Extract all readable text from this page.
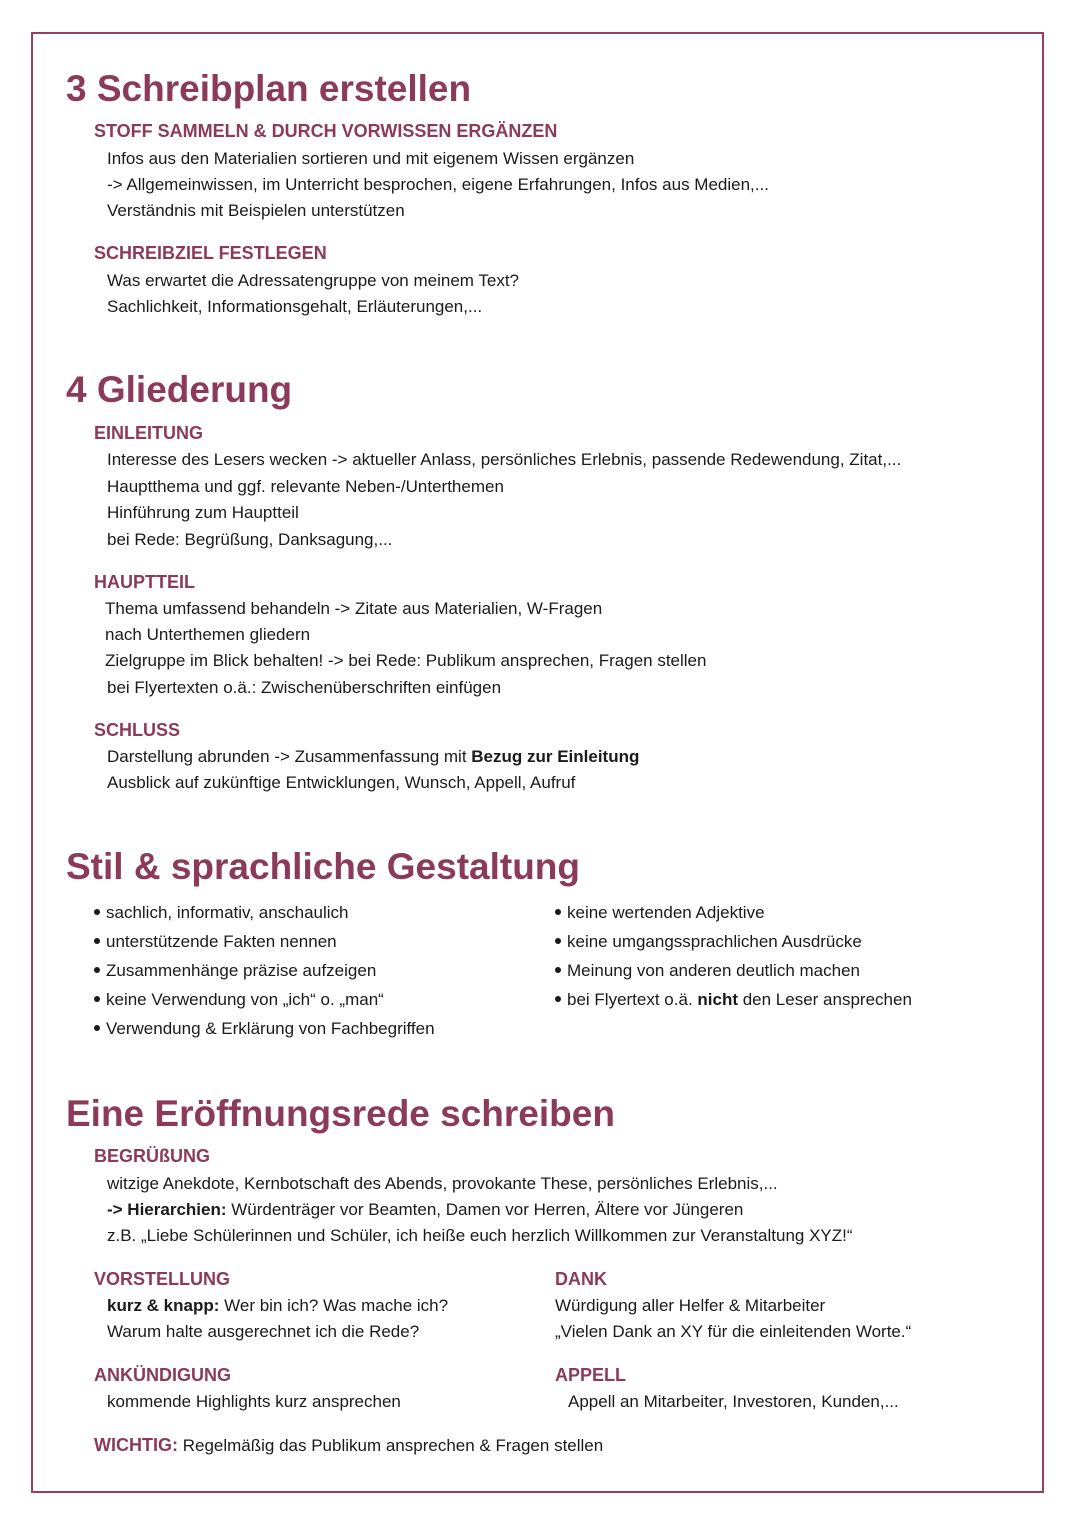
3 Schreibplan erstellen
STOFF SAMMELN & DURCH VORWISSEN ERGÄNZEN
Infos aus den Materialien sortieren und mit eigenem Wissen ergänzen
-> Allgemeinwissen, im Unterricht besprochen, eigene Erfahrungen, Infos aus Medien,...
Verständnis mit Beispielen unterstützen
SCHREIBZIEL FESTLEGEN
Was erwartet die Adressatengruppe von meinem Text?
Sachlichkeit, Informationsgehalt, Erläuterungen,...
4 Gliederung
EINLEITUNG
Interesse des Lesers wecken -> aktueller Anlass, persönliches Erlebnis, passende Redewendung, Zitat,...
Hauptthema und ggf. relevante Neben-/Unterthemen
Hinführung zum Hauptteil
bei Rede: Begrüßung, Danksagung,...
HAUPTTEIL
Thema umfassend behandeln -> Zitate aus Materialien, W-Fragen
nach Unterthemen gliedern
Zielgruppe im Blick behalten! -> bei Rede: Publikum ansprechen, Fragen stellen
bei Flyertexten o.ä.: Zwischenüberschriften einfügen
SCHLUSS
Darstellung abrunden -> Zusammenfassung mit Bezug zur Einleitung
Ausblick auf zukünftige Entwicklungen, Wunsch, Appell, Aufruf
Stil & sprachliche Gestaltung
sachlich, informativ, anschaulich
unterstützende Fakten nennen
Zusammenhänge präzise aufzeigen
keine Verwendung von „ich“ o. „man“
Verwendung & Erklärung von Fachbegriffen
keine wertenden Adjektive
keine umgangssprachlichen Ausdrücke
Meinung von anderen deutlich machen
bei Flyertext o.ä. nicht den Leser ansprechen
Eine Eröffnungsrede schreiben
BEGRÜßUNG
witzige Anekdote, Kernbotschaft des Abends, provokante These, persönliches Erlebnis,...
-> Hierarchien: Würdenträger vor Beamten, Damen vor Herren, Ältere vor Jüngeren
z.B. „Liebe Schülerinnen und Schüler, ich heiße euch herzlich Willkommen zur Veranstaltung XYZ!“
VORSTELLUNG
kurz & knapp: Wer bin ich? Was mache ich?
Warum halte ausgerechnet ich die Rede?
DANK
Würdigung aller Helfer & Mitarbeiter
„Vielen Dank an XY für die einleitenden Worte.“
ANKÜNDIGUNG
kommende Highlights kurz ansprechen
APPELL
Appell an Mitarbeiter, Investoren, Kunden,...
WICHTIG: Regelmäßig das Publikum ansprechen & Fragen stellen
